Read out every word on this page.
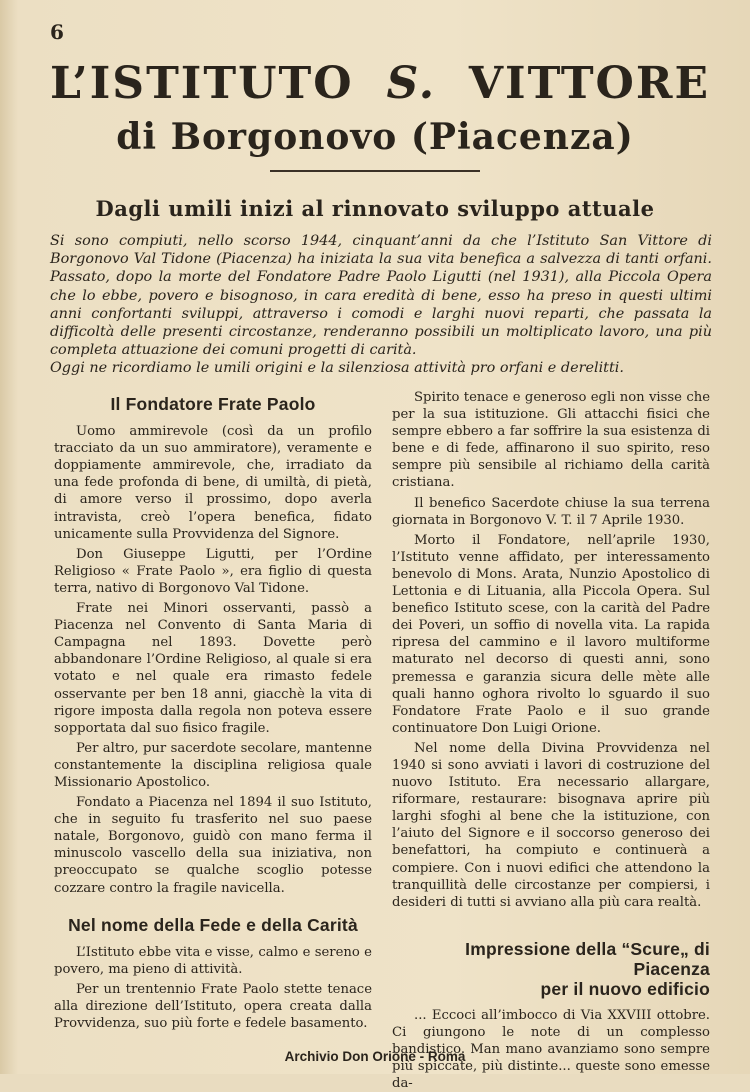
6
L’ISTITUTO S. VITTORE
di Borgonovo (Piacenza)
Dagli umili inizi al rinnovato sviluppo attuale

Si sono compiuti, nello scorso 1944, cinquant’anni da che l’Istituto San Vittore di Borgonovo Val Tidone (Piacenza) ha iniziata la sua vita benefica a salvezza di tanti orfani. Passato, dopo la morte del Fondatore Padre Paolo Ligutti (nel 1931), alla Piccola Opera che lo ebbe, povero e bisognoso, in cara eredità di bene, esso ha preso in questi ultimi anni confortanti sviluppi, attraverso i comodi e larghi nuovi reparti, che passata la difficoltà delle presenti circostanze, renderanno possibili un moltiplicato lavoro, una più completa attuazione dei comuni progetti di carità.

Oggi ne ricordiamo le umili origini e la silenziosa attività pro orfani e derelitti.

Il Fondatore Frate Paolo

Uomo ammirevole (così da un profilo tracciato da un suo ammiratore), veramente e doppiamente ammirevole, che, irradiato da una fede profonda di bene, di umiltà, di pietà, di amore verso il prossimo, dopo averla intravista, creò l’opera benefica, fidato unicamente sulla Provvidenza del Signore.

Don Giuseppe Ligutti, per l’Ordine Religioso « Frate Paolo », era figlio di questa terra, nativo di Borgonovo Val Tidone.

Frate nei Minori osservanti, passò a Piacenza nel Convento di Santa Maria di Campagna nel 1893. Dovette però abbandonare l’Ordine Religioso, al quale si era votato e nel quale era rimasto fedele osservante per ben 18 anni, giacchè la vita di rigore imposta dalla regola non poteva essere sopportata dal suo fisico fragile.

Per altro, pur sacerdote secolare, mantenne constantemente la disciplina religiosa quale Missionario Apostolico.

Fondato a Piacenza nel 1894 il suo Istituto, che in seguito fu trasferito nel suo paese natale, Borgonovo, guidò con mano ferma il minuscolo vascello della sua iniziativa, non preoccupato se qualche scoglio potesse cozzare contro la fragile navicella.

Nel nome della Fede e della Carità

L’Istituto ebbe vita e visse, calmo e sereno e povero, ma pieno di attività.

Per un trentennio Frate Paolo stette tenace alla direzione dell’Istituto, opera creata dalla Provvidenza, suo più forte e fedele basamento.

Spirito tenace e generoso egli non visse che per la sua istituzione. Gli attacchi fisici che sempre ebbero a far soffrire la sua esistenza di bene e di fede, affinarono il suo spirito, reso sempre più sensibile al richiamo della carità cristiana.

Il benefico Sacerdote chiuse la sua terrena giornata in Borgonovo V. T. il 7 Aprile 1930.

Morto il Fondatore, nell’aprile 1930, l’Istituto venne affidato, per interessamento benevolo di Mons. Arata, Nunzio Apostolico di Lettonia e di Lituania, alla Piccola Opera. Sul benefico Istituto scese, con la carità del Padre dei Poveri, un soffio di novella vita. La rapida ripresa del cammino e il lavoro multiforme maturato nel decorso di questi anni, sono premessa e garanzia sicura delle mète alle quali hanno oghora rivolto lo sguardo il suo Fondatore Frate Paolo e il suo grande continuatore Don Luigi Orione.

Nel nome della Divina Provvidenza nel 1940 si sono avviati i lavori di costruzione del nuovo Istituto. Era necessario allargare, riformare, restaurare: bisognava aprire più larghi sfoghi al bene che la istituzione, con l’aiuto del Signore e il soccorso generoso dei benefattori, ha compiuto e continuerà a compiere. Con i nuovi edifici che attendono la tranquillità delle circostanze per compiersi, i desideri di tutti si avviano alla più cara realtà.

Impressione della “Scure„ di Piacenza
per il nuovo edificio

... Eccoci all’imbocco di Via XXVIII ottobre. Ci giungono le note di un complesso bandistico. Man mano avanziamo sono sempre più spiccate, più distinte... queste sono emesse da-

Archivio Don Orione - Roma
